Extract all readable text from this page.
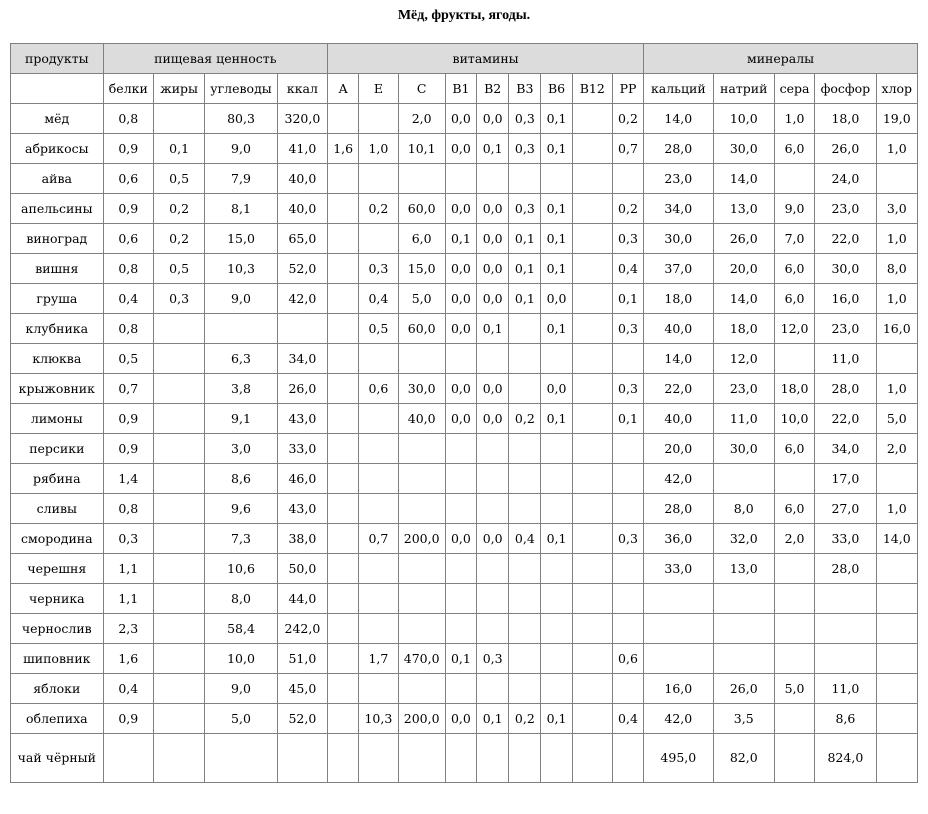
Мёд, фрукты, ягоды.
продукты	пищевая ценность				витамины									минералы				
	белки	жиры	углеводы	ккал	A	E	C	B1	B2	B3	B6	B12	PP	кальций	натрий	сера	фосфор	хлор
мёд	0,8		80,3	320,0			2,0	0,0	0,0	0,3	0,1		0,2	14,0	10,0	1,0	18,0	19,0
абрикосы	0,9	0,1	9,0	41,0	1,6	1,0	10,1	0,0	0,1	0,3	0,1		0,7	28,0	30,0	6,0	26,0	1,0
айва	0,6	0,5	7,9	40,0										23,0	14,0		24,0	
апельсины	0,9	0,2	8,1	40,0		0,2	60,0	0,0	0,0	0,3	0,1		0,2	34,0	13,0	9,0	23,0	3,0
виноград	0,6	0,2	15,0	65,0			6,0	0,1	0,0	0,1	0,1		0,3	30,0	26,0	7,0	22,0	1,0
вишня	0,8	0,5	10,3	52,0		0,3	15,0	0,0	0,0	0,1	0,1		0,4	37,0	20,0	6,0	30,0	8,0
груша	0,4	0,3	9,0	42,0		0,4	5,0	0,0	0,0	0,1	0,0		0,1	18,0	14,0	6,0	16,0	1,0
клубника	0,8					0,5	60,0	0,0	0,1		0,1		0,3	40,0	18,0	12,0	23,0	16,0
клюква	0,5		6,3	34,0										14,0	12,0		11,0	
крыжовник	0,7		3,8	26,0		0,6	30,0	0,0	0,0		0,0		0,3	22,0	23,0	18,0	28,0	1,0
лимоны	0,9		9,1	43,0			40,0	0,0	0,0	0,2	0,1		0,1	40,0	11,0	10,0	22,0	5,0
персики	0,9		3,0	33,0										20,0	30,0	6,0	34,0	2,0
рябина	1,4		8,6	46,0										42,0			17,0	
сливы	0,8		9,6	43,0										28,0	8,0	6,0	27,0	1,0
смородина	0,3		7,3	38,0		0,7	200,0	0,0	0,0	0,4	0,1		0,3	36,0	32,0	2,0	33,0	14,0
черешня	1,1		10,6	50,0										33,0	13,0		28,0	
черника	1,1		8,0	44,0														
чернослив	2,3		58,4	242,0														
шиповник	1,6		10,0	51,0		1,7	470,0	0,1	0,3				0,6					
яблоки	0,4		9,0	45,0										16,0	26,0	5,0	11,0	
облепиха	0,9		5,0	52,0		10,3	200,0	0,0	0,1	0,2	0,1		0,4	42,0	3,5		8,6	
чай чёрный														495,0	82,0		824,0	
